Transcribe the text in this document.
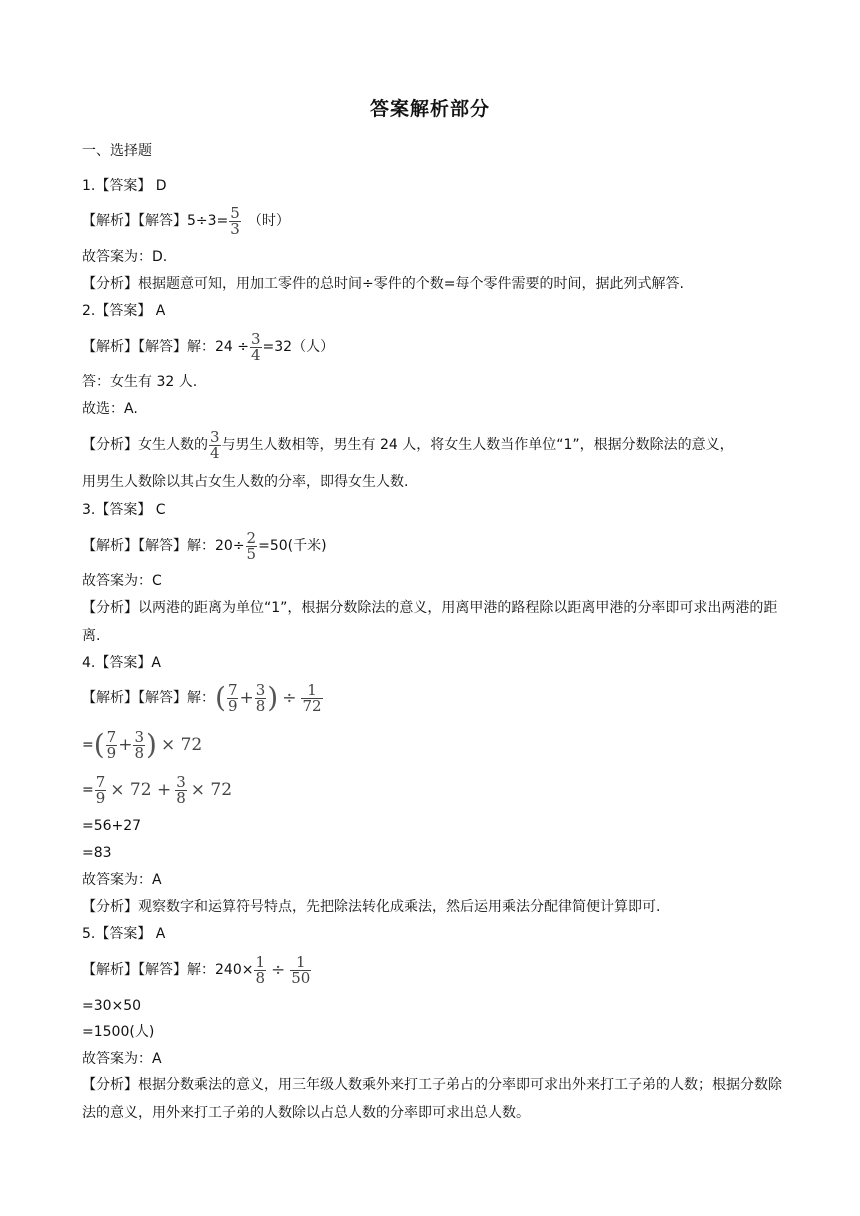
答案解析部分
一、选择题
1.【答案】 D
【解析】【解答】$5\div 3= \frac{5}{3}$ （时）
故答案为：D.
【分析】根据题意可知，用加工零件的总时间÷零件的个数=每个零件需要的时间，据此列式解答.
2.【答案】 A
【解析】【解答】解：$24 \div \frac{3}{4} =32$（人）
答：女生有 32 人.
故选：A.
【分析】女生人数的 $\frac{3}{4}$ 与男生人数相等，男生有 24 人，将女生人数当作单位“1”，根据分数除法的意义，
用男生人数除以其占女生人数的分率，即得女生人数.
3.【答案】 C
【解析】【解答】解：$20\div \frac{2}{5} =50$(千米)
故答案为：C
【分析】以两港的距离为单位“1”，根据分数除法的意义，用离甲港的路程除以距离甲港的分率即可求出两港的距离.
4.【答案】A
【解析】【解答】解： ( $\frac{7}{9} + \frac{3}{8}$ ) ÷ $\frac{1}{72}$
= ( $\frac{7}{9} + \frac{3}{8}$ ) × 72
= $\frac{7}{9} \times 72 + \frac{3}{8} \times 72$
=56+27
=83
故答案为：A
【分析】观察数字和运算符号特点，先把除法转化成乘法，然后运用乘法分配律简便计算即可.
5.【答案】 A
【解析】【解答】解：$240\times \frac{1}{8} \div \frac{1}{50}$
=30×50
=1500(人)
故答案为：A
【分析】根据分数乘法的意义，用三年级人数乘外来打工子弟占的分率即可求出外来打工子弟的人数；根据分数除法的意义，用外来打工子弟的人数除以占总人数的分率即可求出总人数。
